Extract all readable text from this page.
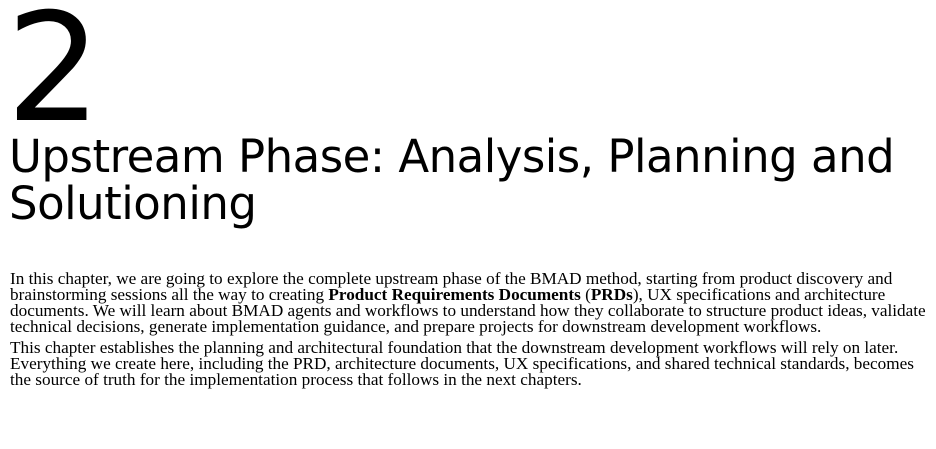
2
Upstream Phase: Analysis, Planning and Solutioning

In this chapter, we are going to explore the complete upstream phase of the BMAD method, starting from product discovery and brainstorming sessions all the way to creating Product Requirements Documents (PRDs), UX specifications and architecture documents. We will learn about BMAD agents and workflows to understand how they collaborate to structure product ideas, validate technical decisions, generate implementation guidance, and prepare projects for downstream development workflows.

This chapter establishes the planning and architectural foundation that the downstream development workflows will rely on later. Everything we create here, including the PRD, architecture documents, UX specifications, and shared technical standards, becomes the source of truth for the implementation process that follows in the next chapters.
